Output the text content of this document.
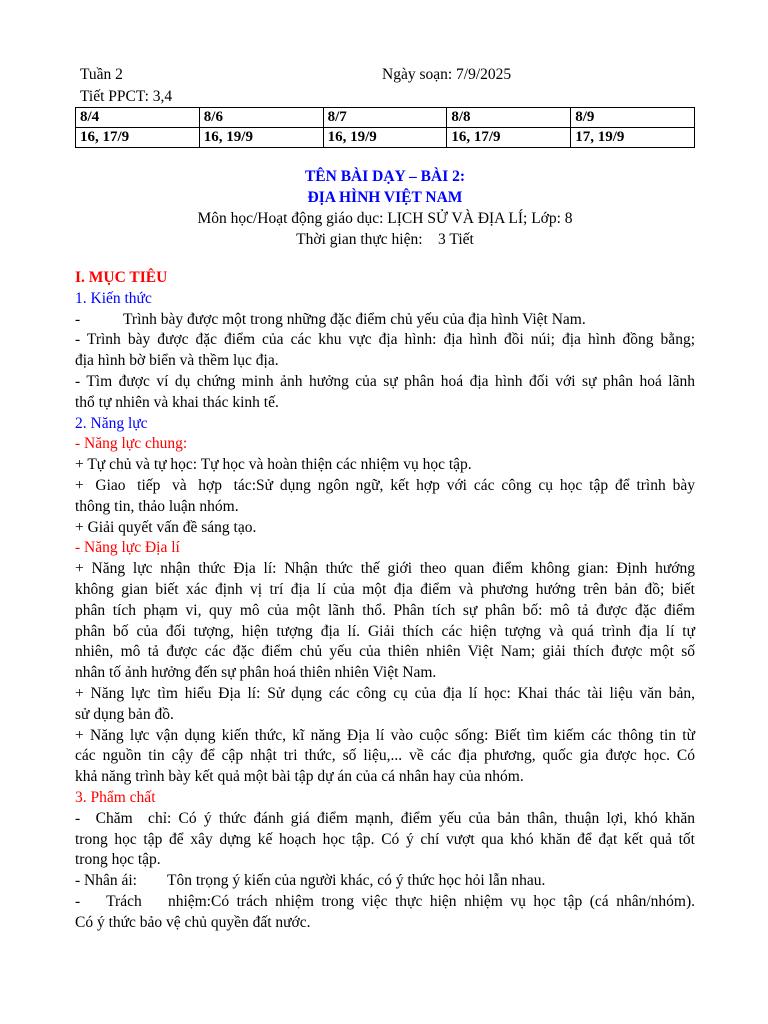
Tuần 2	Ngày soạn: 7/9/2025
Tiết PPCT: 3,4
8/4	8/6	8/7	8/8	8/9
16, 17/9	16, 19/9	16, 19/9	16, 17/9	17, 19/9
TÊN BÀI DẠY – BÀI 2:
ĐỊA HÌNH VIỆT NAM
Môn học/Hoạt động giáo dục: LỊCH SỬ VÀ ĐỊA LÍ; Lớp: 8
Thời gian thực hiện: 3 Tiết
I. MỤC TIÊU
1. Kiến thức
-	Trình bày được một trong những đặc điểm chủ yếu của địa hình Việt Nam.
- Trình bày được đặc điểm của các khu vực địa hình: địa hình đồi núi; địa hình đồng bằng;
địa hình bờ biển và thềm lục địa.
- Tìm được ví dụ chứng minh ảnh hưởng của sự phân hoá địa hình đối với sự phân hoá lãnh
thổ tự nhiên và khai thác kinh tế.
2. Năng lực
- Năng lực chung:
+ Tự chủ và tự học: Tự học và hoàn thiện các nhiệm vụ học tập.
+ Giao tiếp và hợp tác:Sử dụng ngôn ngữ, kết hợp với các công cụ học tập để trình bày
thông tin, thảo luận nhóm.
+ Giải quyết vấn đề sáng tạo.
- Năng lực Địa lí
+ Năng lực nhận thức Địa lí: Nhận thức thế giới theo quan điểm không gian: Định hướng
không gian biết xác định vị trí địa lí của một địa điểm và phương hướng trên bản đồ; biết
phân tích phạm vi, quy mô của một lãnh thổ. Phân tích sự phân bố: mô tả được đặc điểm
phân bố của đối tượng, hiện tượng địa lí. Giải thích các hiện tượng và quá trình địa lí tự
nhiên, mô tả được các đặc điểm chủ yếu của thiên nhiên Việt Nam; giải thích được một số
nhân tố ảnh hưởng đến sự phân hoá thiên nhiên Việt Nam.
+ Năng lực tìm hiểu Địa lí: Sử dụng các công cụ của địa lí học: Khai thác tài liệu văn bản,
sử dụng bản đồ.
+ Năng lực vận dụng kiến thức, kĩ năng Địa lí vào cuộc sống: Biết tìm kiếm các thông tin từ
các nguồn tin cậy để cập nhật tri thức, số liệu,... về các địa phương, quốc gia được học. Có
khả năng trình bày kết quả một bài tập dự án của cá nhân hay của nhóm.
3. Phẩm chất
- Chăm chỉ: Có ý thức đánh giá điểm mạnh, điểm yếu của bản thân, thuận lợi, khó khăn
trong học tập để xây dựng kế hoạch học tập. Có ý chí vượt qua khó khăn để đạt kết quả tốt
trong học tập.
- Nhân ái: Tôn trọng ý kiến của người khác, có ý thức học hỏi lẫn nhau.
- Trách nhiệm:Có trách nhiệm trong việc thực hiện nhiệm vụ học tập (cá nhân/nhóm).
Có ý thức bảo vệ chủ quyền đất nước.
